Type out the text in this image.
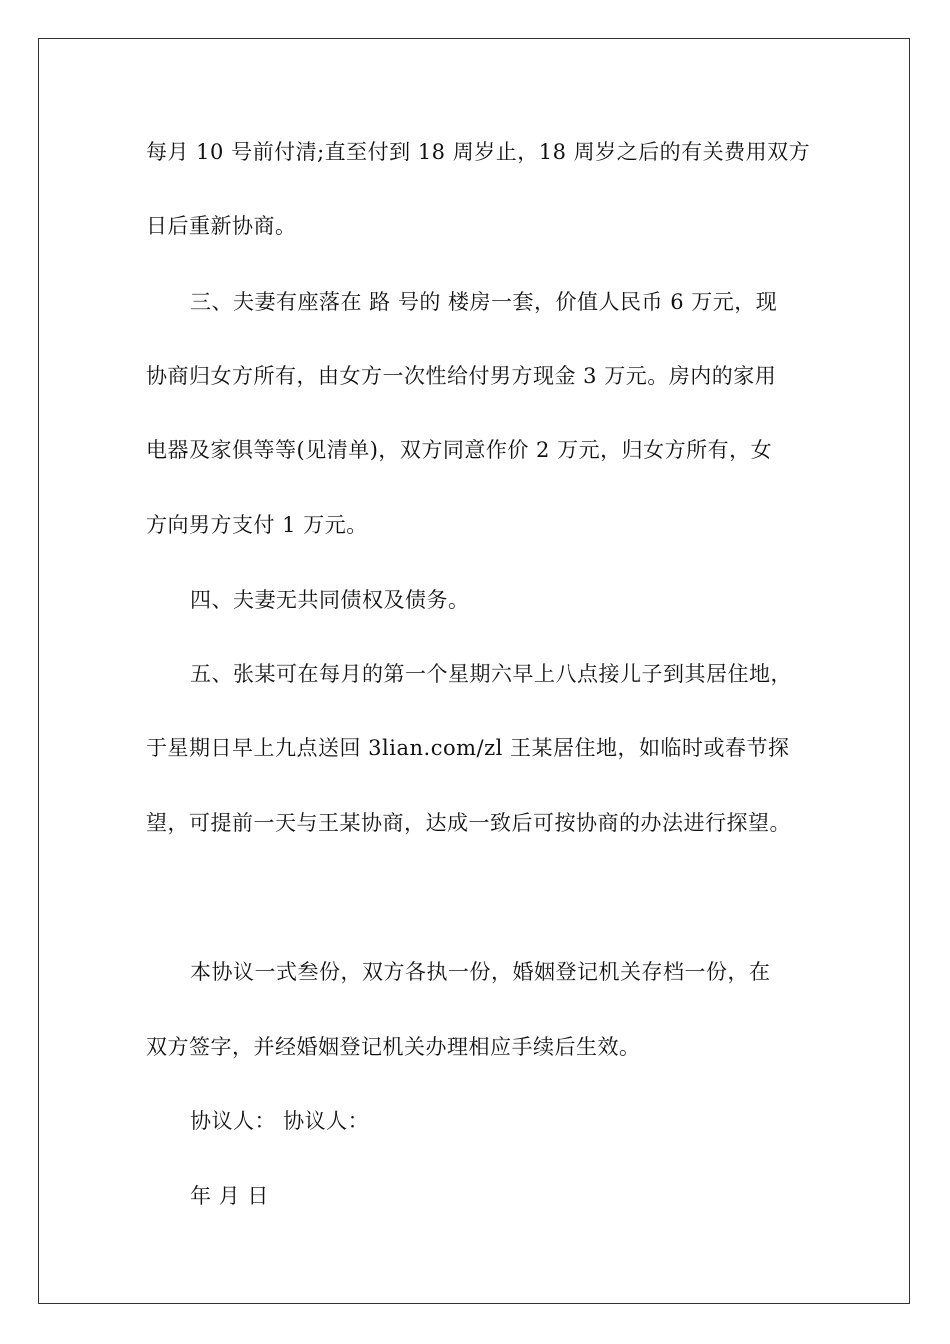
每月 10 号前付清;直至付到 18 周岁止，18 周岁之后的有关费用双方
日后重新协商。
三、夫妻有座落在 路 号的 楼房一套，价值人民币 6 万元，现
协商归女方所有，由女方一次性给付男方现金 3 万元。房内的家用
电器及家俱等等(见清单)，双方同意作价 2 万元，归女方所有，女
方向男方支付 1 万元。
四、夫妻无共同债权及债务。
五、张某可在每月的第一个星期六早上八点接儿子到其居住地，
于星期日早上九点送回 3lian.com/zl 王某居住地，如临时或春节探
望，可提前一天与王某协商，达成一致后可按协商的办法进行探望。
本协议一式叁份，双方各执一份，婚姻登记机关存档一份，在
双方签字，并经婚姻登记机关办理相应手续后生效。
协议人： 协议人：
年 月 日
